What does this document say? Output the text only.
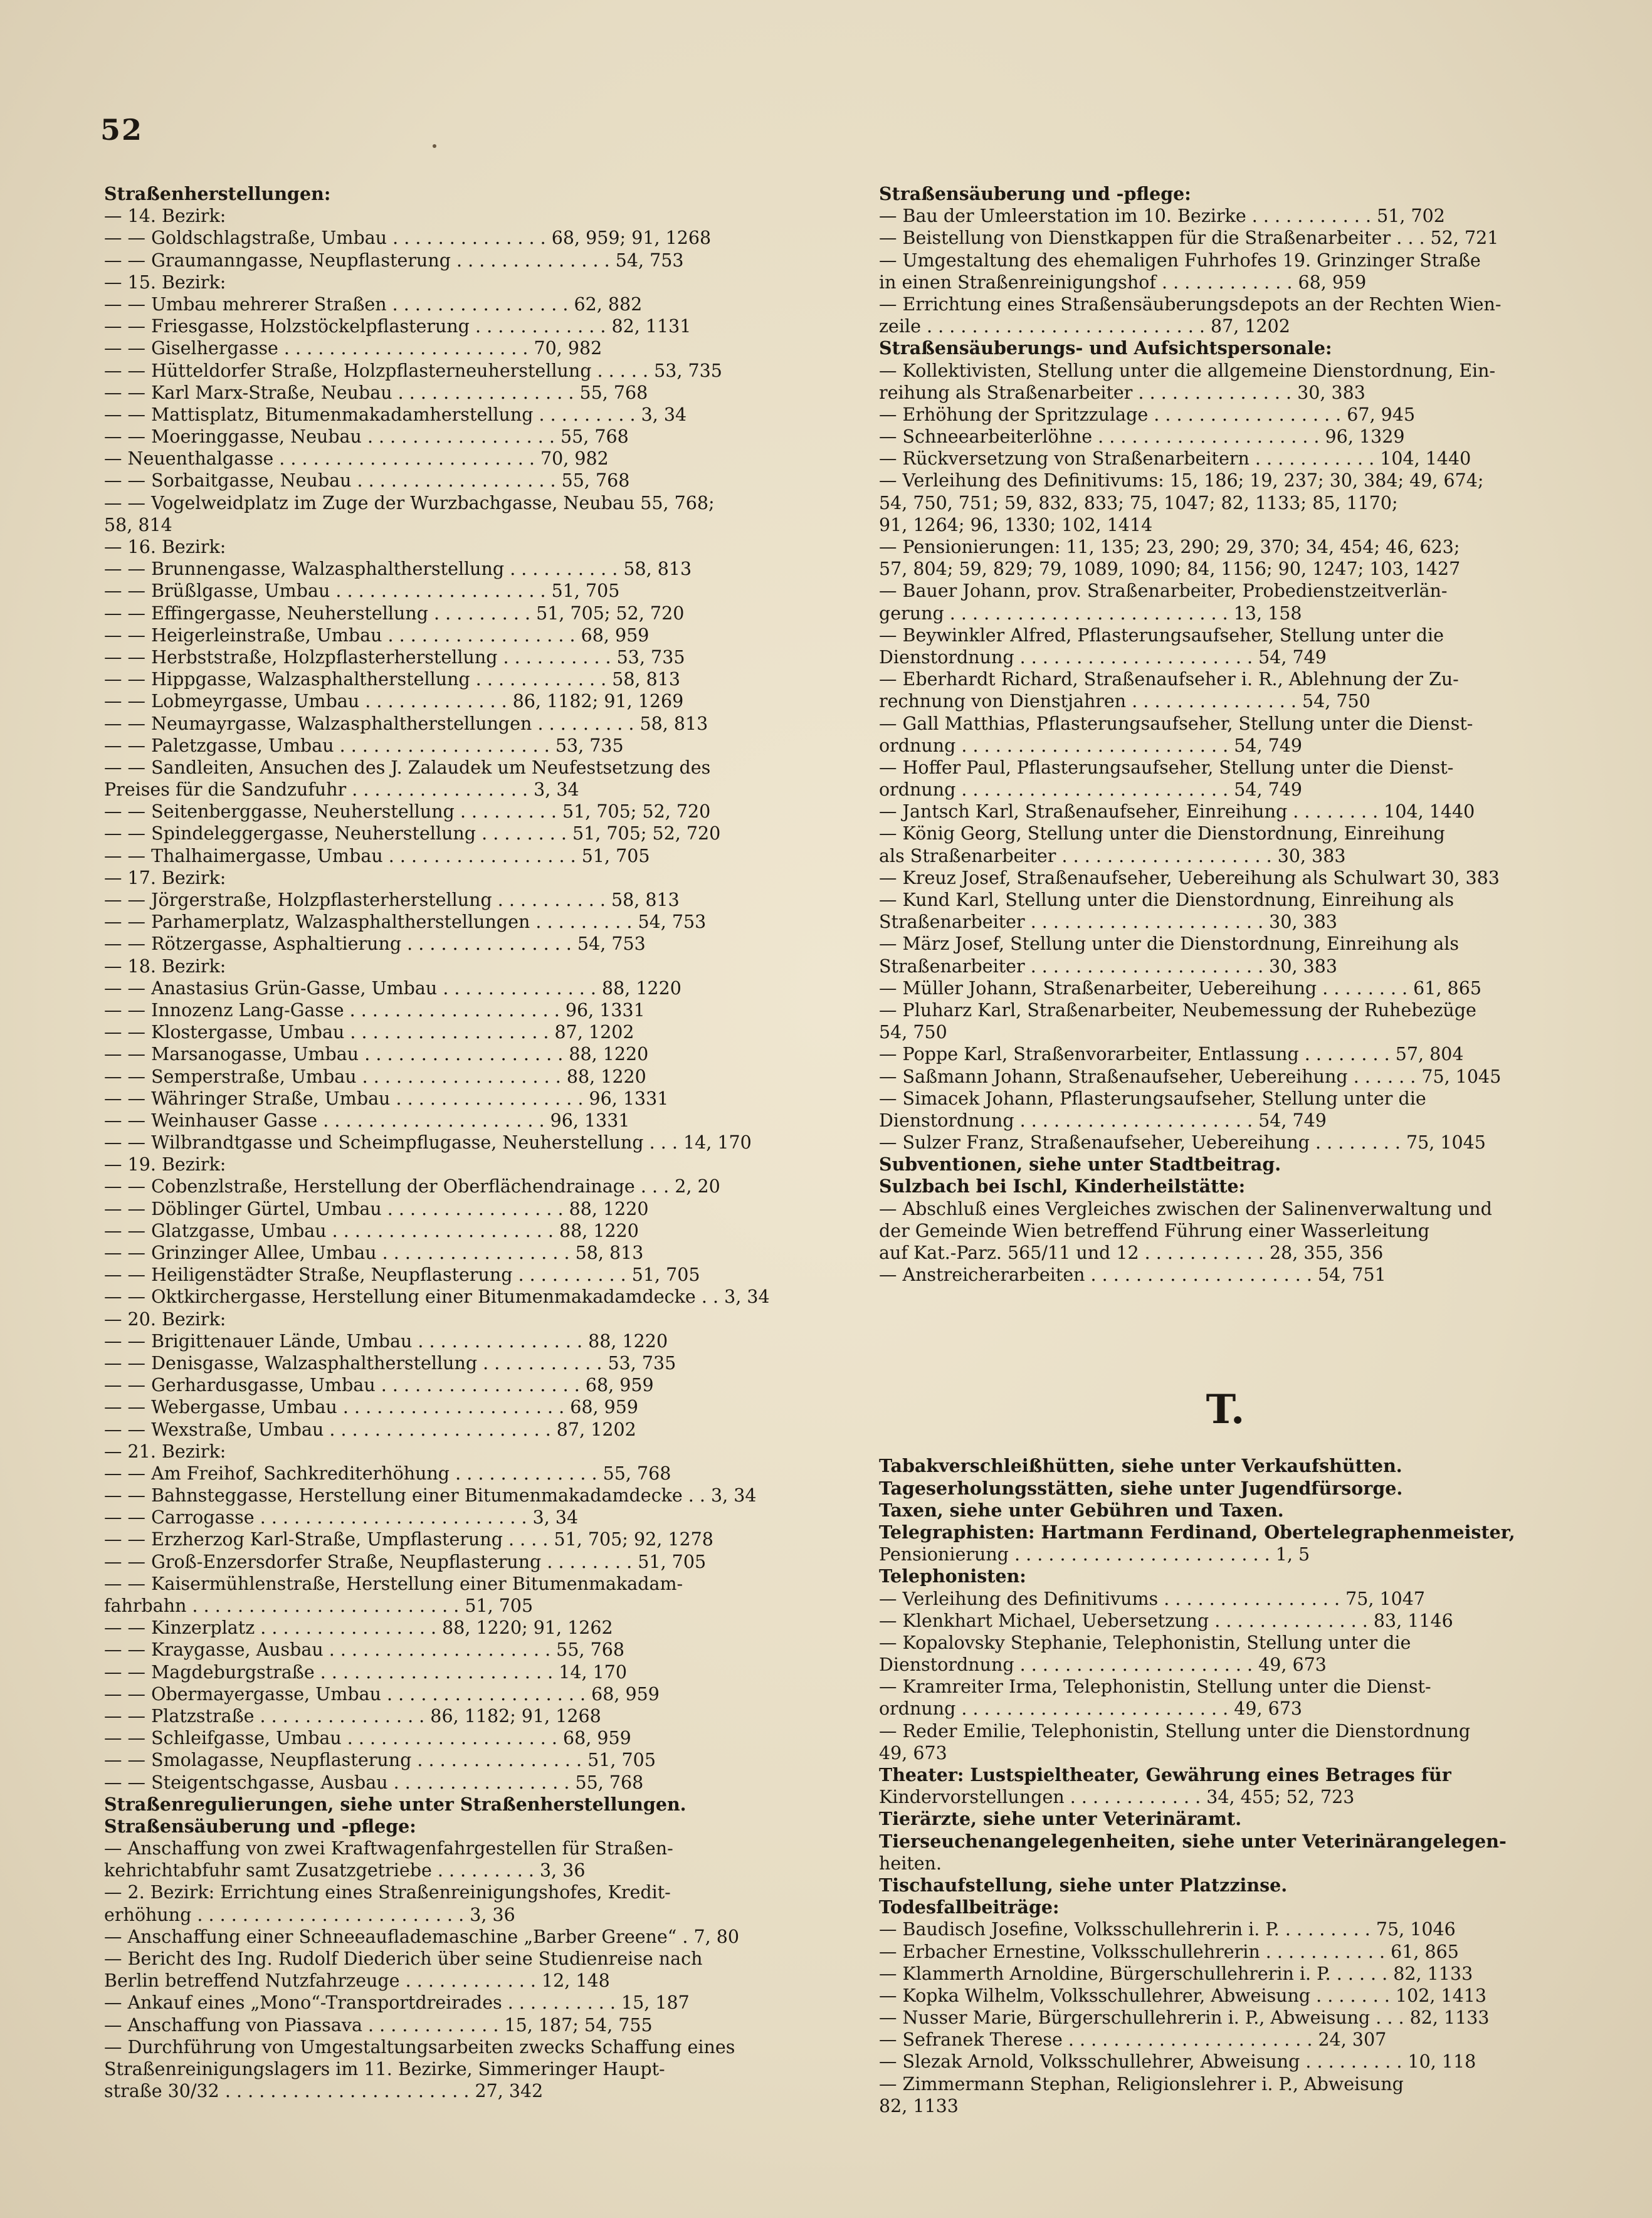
52
Straßenherstellungen:
— 14. Bezirk:
— — Goldschlagstraße, Umbau . . . . . . . . . . . . . . 68, 959; 91, 1268
— — Graumanngasse, Neupflasterung . . . . . . . . . . . . . . 54, 753
— 15. Bezirk:
— — Umbau mehrerer Straßen . . . . . . . . . . . . . . . . 62, 882
— — Friesgasse, Holzstöckelpflasterung . . . . . . . . . . . . 82, 1131
— — Giselhergasse . . . . . . . . . . . . . . . . . . . . . . 70, 982
— — Hütteldorfer Straße, Holzpflasterneuherstellung . . . . . 53, 735
— — Karl Marx-Straße, Neubau . . . . . . . . . . . . . . . . 55, 768
— — Mattisplatz, Bitumenmakadamherstellung . . . . . . . . . 3, 34
— — Moeringgasse, Neubau . . . . . . . . . . . . . . . . . 55, 768
— Neuenthalgasse . . . . . . . . . . . . . . . . . . . . . . . 70, 982
— — Sorbaitgasse, Neubau . . . . . . . . . . . . . . . . . . 55, 768
— — Vogelweidplatz im Zuge der Wurzbachgasse, Neubau 55, 768;
58, 814
— 16. Bezirk:
— — Brunnengasse, Walzasphaltherstellung . . . . . . . . . . 58, 813
— — Brüßlgasse, Umbau . . . . . . . . . . . . . . . . . . . 51, 705
— — Effingergasse, Neuherstellung . . . . . . . . . 51, 705; 52, 720
— — Heigerleinstraße, Umbau . . . . . . . . . . . . . . . . . 68, 959
— — Herbststraße, Holzpflasterherstellung . . . . . . . . . . 53, 735
— — Hippgasse, Walzasphaltherstellung . . . . . . . . . . . . 58, 813
— — Lobmeyrgasse, Umbau . . . . . . . . . . . . . 86, 1182; 91, 1269
— — Neumayrgasse, Walzasphaltherstellungen . . . . . . . . . 58, 813
— — Paletzgasse, Umbau . . . . . . . . . . . . . . . . . . . 53, 735
— — Sandleiten, Ansuchen des J. Zalaudek um Neufestsetzung des
Preises für die Sandzufuhr . . . . . . . . . . . . . . . . 3, 34
— — Seitenberggasse, Neuherstellung . . . . . . . . . 51, 705; 52, 720
— — Spindeleggergasse, Neuherstellung . . . . . . . . 51, 705; 52, 720
— — Thalhaimergasse, Umbau . . . . . . . . . . . . . . . . . 51, 705
— 17. Bezirk:
— — Jörgerstraße, Holzpflasterherstellung . . . . . . . . . . 58, 813
— — Parhamerplatz, Walzasphaltherstellungen . . . . . . . . . 54, 753
— — Rötzergasse, Asphaltierung . . . . . . . . . . . . . . . 54, 753
— 18. Bezirk:
— — Anastasius Grün-Gasse, Umbau . . . . . . . . . . . . . . 88, 1220
— — Innozenz Lang-Gasse . . . . . . . . . . . . . . . . . . . 96, 1331
— — Klostergasse, Umbau . . . . . . . . . . . . . . . . . . 87, 1202
— — Marsanogasse, Umbau . . . . . . . . . . . . . . . . . . 88, 1220
— — Semperstraße, Umbau . . . . . . . . . . . . . . . . . . 88, 1220
— — Währinger Straße, Umbau . . . . . . . . . . . . . . . . . 96, 1331
— — Weinhauser Gasse . . . . . . . . . . . . . . . . . . . . 96, 1331
— — Wilbrandtgasse und Scheimpflugasse, Neuherstellung . . . 14, 170
— 19. Bezirk:
— — Cobenzlstraße, Herstellung der Oberflächendrainage . . . 2, 20
— — Döblinger Gürtel, Umbau . . . . . . . . . . . . . . . . 88, 1220
— — Glatzgasse, Umbau . . . . . . . . . . . . . . . . . . . . 88, 1220
— — Grinzinger Allee, Umbau . . . . . . . . . . . . . . . . . 58, 813
— — Heiligenstädter Straße, Neupflasterung . . . . . . . . . . 51, 705
— — Oktkirchergasse, Herstellung einer Bitumenmakadamdecke . . 3, 34
— 20. Bezirk:
— — Brigittenauer Lände, Umbau . . . . . . . . . . . . . . . 88, 1220
— — Denisgasse, Walzasphaltherstellung . . . . . . . . . . . 53, 735
— — Gerhardusgasse, Umbau . . . . . . . . . . . . . . . . . . 68, 959
— — Webergasse, Umbau . . . . . . . . . . . . . . . . . . . . 68, 959
— — Wexstraße, Umbau . . . . . . . . . . . . . . . . . . . . 87, 1202
— 21. Bezirk:
— — Am Freihof, Sachkrediterhöhung . . . . . . . . . . . . . 55, 768
— — Bahnsteggasse, Herstellung einer Bitumenmakadamdecke . . 3, 34
— — Carrogasse . . . . . . . . . . . . . . . . . . . . . . . . 3, 34
— — Erzherzog Karl-Straße, Umpflasterung . . . . 51, 705; 92, 1278
— — Groß-Enzersdorfer Straße, Neupflasterung . . . . . . . . 51, 705
— — Kaisermühlenstraße, Herstellung einer Bitumenmakadam-
fahrbahn . . . . . . . . . . . . . . . . . . . . . . . . 51, 705
— — Kinzerplatz . . . . . . . . . . . . . . . . 88, 1220; 91, 1262
— — Kraygasse, Ausbau . . . . . . . . . . . . . . . . . . . . 55, 768
— — Magdeburgstraße . . . . . . . . . . . . . . . . . . . . . 14, 170
— — Obermayergasse, Umbau . . . . . . . . . . . . . . . . . . 68, 959
— — Platzstraße . . . . . . . . . . . . . . . 86, 1182; 91, 1268
— — Schleifgasse, Umbau . . . . . . . . . . . . . . . . . . . 68, 959
— — Smolagasse, Neupflasterung . . . . . . . . . . . . . . . 51, 705
— — Steigentschgasse, Ausbau . . . . . . . . . . . . . . . . 55, 768
Straßenregulierungen, siehe unter Straßenherstellungen.
Straßensäuberung und -pflege:
— Anschaffung von zwei Kraftwagenfahrgestellen für Straßen-
kehrichtabfuhr samt Zusatzgetriebe . . . . . . . . . 3, 36
— 2. Bezirk: Errichtung eines Straßenreinigungshofes, Kredit-
erhöhung . . . . . . . . . . . . . . . . . . . . . . . . 3, 36
— Anschaffung einer Schneeauflademaschine „Barber Greene“ . 7, 80
— Bericht des Ing. Rudolf Diederich über seine Studienreise nach
Berlin betreffend Nutzfahrzeuge . . . . . . . . . . . . 12, 148
— Ankauf eines „Mono“-Transportdreirades . . . . . . . . . . 15, 187
— Anschaffung von Piassava . . . . . . . . . . . . 15, 187; 54, 755
— Durchführung von Umgestaltungsarbeiten zwecks Schaffung eines
Straßenreinigungslagers im 11. Bezirke, Simmeringer Haupt-
straße 30/32 . . . . . . . . . . . . . . . . . . . . . . 27, 342
Straßensäuberung und -pflege:
— Bau der Umleerstation im 10. Bezirke . . . . . . . . . . . 51, 702
— Beistellung von Dienstkappen für die Straßenarbeiter . . . 52, 721
— Umgestaltung des ehemaligen Fuhrhofes 19. Grinzinger Straße
in einen Straßenreinigungshof . . . . . . . . . . . . 68, 959
— Errichtung eines Straßensäuberungsdepots an der Rechten Wien-
zeile . . . . . . . . . . . . . . . . . . . . . . . . . 87, 1202
Straßensäuberungs- und Aufsichtspersonale:
— Kollektivisten, Stellung unter die allgemeine Dienstordnung, Ein-
reihung als Straßenarbeiter . . . . . . . . . . . . . . 30, 383
— Erhöhung der Spritzzulage . . . . . . . . . . . . . . . . . 67, 945
— Schneearbeiterlöhne . . . . . . . . . . . . . . . . . . . . 96, 1329
— Rückversetzung von Straßenarbeitern . . . . . . . . . . . 104, 1440
— Verleihung des Definitivums: 15, 186; 19, 237; 30, 384; 49, 674;
54, 750, 751; 59, 832, 833; 75, 1047; 82, 1133; 85, 1170;
91, 1264; 96, 1330; 102, 1414
— Pensionierungen: 11, 135; 23, 290; 29, 370; 34, 454; 46, 623;
57, 804; 59, 829; 79, 1089, 1090; 84, 1156; 90, 1247; 103, 1427
— Bauer Johann, prov. Straßenarbeiter, Probedienstzeitverlän-
gerung . . . . . . . . . . . . . . . . . . . . . . . . . 13, 158
— Beywinkler Alfred, Pflasterungsaufseher, Stellung unter die
Dienstordnung . . . . . . . . . . . . . . . . . . . . . 54, 749
— Eberhardt Richard, Straßenaufseher i. R., Ablehnung der Zu-
rechnung von Dienstjahren . . . . . . . . . . . . . . . 54, 750
— Gall Matthias, Pflasterungsaufseher, Stellung unter die Dienst-
ordnung . . . . . . . . . . . . . . . . . . . . . . . . 54, 749
— Hoffer Paul, Pflasterungsaufseher, Stellung unter die Dienst-
ordnung . . . . . . . . . . . . . . . . . . . . . . . . 54, 749
— Jantsch Karl, Straßenaufseher, Einreihung . . . . . . . . 104, 1440
— König Georg, Stellung unter die Dienstordnung, Einreihung
als Straßenarbeiter . . . . . . . . . . . . . . . . . . . 30, 383
— Kreuz Josef, Straßenaufseher, Uebereihung als Schulwart 30, 383
— Kund Karl, Stellung unter die Dienstordnung, Einreihung als
Straßenarbeiter . . . . . . . . . . . . . . . . . . . . . 30, 383
— März Josef, Stellung unter die Dienstordnung, Einreihung als
Straßenarbeiter . . . . . . . . . . . . . . . . . . . . . 30, 383
— Müller Johann, Straßenarbeiter, Uebereihung . . . . . . . . 61, 865
— Pluharz Karl, Straßenarbeiter, Neubemessung der Ruhebezüge
54, 750
— Poppe Karl, Straßenvorarbeiter, Entlassung . . . . . . . . 57, 804
— Saßmann Johann, Straßenaufseher, Uebereihung . . . . . . 75, 1045
— Simacek Johann, Pflasterungsaufseher, Stellung unter die
Dienstordnung . . . . . . . . . . . . . . . . . . . . . 54, 749
— Sulzer Franz, Straßenaufseher, Uebereihung . . . . . . . . 75, 1045
Subventionen, siehe unter Stadtbeitrag.
Sulzbach bei Ischl, Kinderheilstätte:
— Abschluß eines Vergleiches zwischen der Salinenverwaltung und
der Gemeinde Wien betreffend Führung einer Wasserleitung
auf Kat.-Parz. 565/11 und 12 . . . . . . . . . . . 28, 355, 356
— Anstreicherarbeiten . . . . . . . . . . . . . . . . . . . . 54, 751
T.
Tabakverschleißhütten, siehe unter Verkaufshütten.
Tageserholungsstätten, siehe unter Jugendfürsorge.
Taxen, siehe unter Gebühren und Taxen.
Telegraphisten: Hartmann Ferdinand, Obertelegraphenmeister,
Pensionierung . . . . . . . . . . . . . . . . . . . . . . . 1, 5
Telephonisten:
— Verleihung des Definitivums . . . . . . . . . . . . . . . . 75, 1047
— Klenkhart Michael, Uebersetzung . . . . . . . . . . . . . . 83, 1146
— Kopalovsky Stephanie, Telephonistin, Stellung unter die
Dienstordnung . . . . . . . . . . . . . . . . . . . . . 49, 673
— Kramreiter Irma, Telephonistin, Stellung unter die Dienst-
ordnung . . . . . . . . . . . . . . . . . . . . . . . . 49, 673
— Reder Emilie, Telephonistin, Stellung unter die Dienstordnung
49, 673
Theater: Lustspieltheater, Gewährung eines Betrages für
Kindervorstellungen . . . . . . . . . . . . 34, 455; 52, 723
Tierärzte, siehe unter Veterinäramt.
Tierseuchenangelegenheiten, siehe unter Veterinärangelegen-
heiten.
Tischaufstellung, siehe unter Platzzinse.
Todesfallbeiträge:
— Baudisch Josefine, Volksschullehrerin i. P. . . . . . . . . 75, 1046
— Erbacher Ernestine, Volksschullehrerin . . . . . . . . . . . 61, 865
— Klammerth Arnoldine, Bürgerschullehrerin i. P. . . . . . 82, 1133
— Kopka Wilhelm, Volksschullehrer, Abweisung . . . . . . . 102, 1413
— Nusser Marie, Bürgerschullehrerin i. P., Abweisung . . . 82, 1133
— Sefranek Therese . . . . . . . . . . . . . . . . . . . . . . 24, 307
— Slezak Arnold, Volksschullehrer, Abweisung . . . . . . . . . 10, 118
— Zimmermann Stephan, Religionslehrer i. P., Abweisung
82, 1133
